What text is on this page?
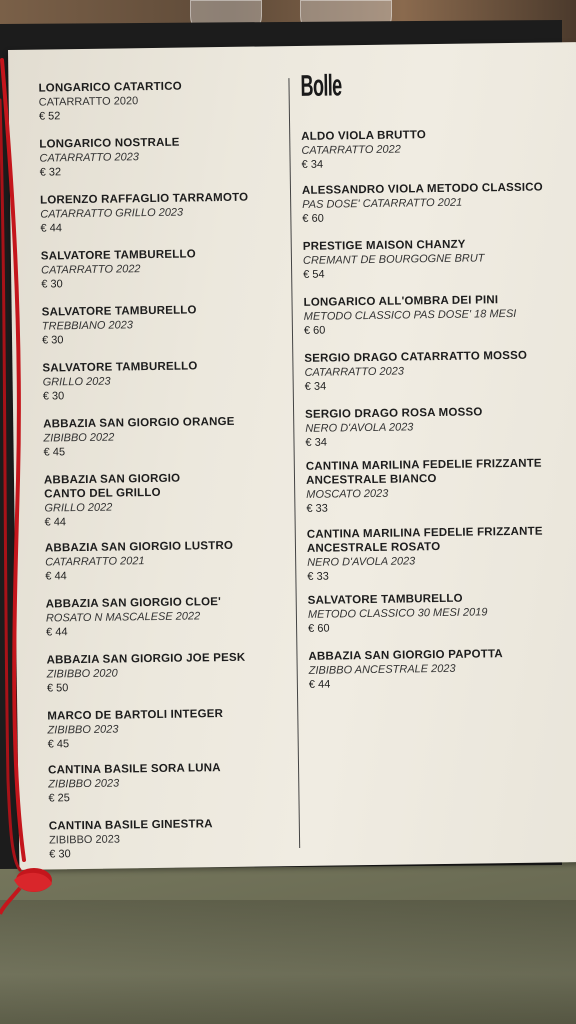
LONGARICO CATARTICO
CATARRATTO 2020
€ 52
LONGARICO NOSTRALE
CATARRATTO 2023
€ 32
LORENZO RAFFAGLIO TARRAMOTO
CATARRATTO GRILLO 2023
€ 44
SALVATORE TAMBURELLO
CATARRATTO 2022
€ 30
SALVATORE TAMBURELLO
TREBBIANO 2023
€ 30
SALVATORE TAMBURELLO
GRILLO 2023
€ 30
ABBAZIA SAN GIORGIO ORANGE
ZIBIBBO 2022
€ 45
ABBAZIA SAN GIORGIO
CANTO DEL GRILLO
GRILLO 2022
€ 44
ABBAZIA SAN GIORGIO LUSTRO
CATARRATTO 2021
€ 44
ABBAZIA SAN GIORGIO CLOE'
ROSATO N MASCALESE 2022
€ 44
ABBAZIA SAN GIORGIO JOE PESK
ZIBIBBO 2020
€ 50
MARCO DE BARTOLI INTEGER
ZIBIBBO 2023
€ 45
CANTINA BASILE SORA LUNA
ZIBIBBO 2023
€ 25
CANTINA BASILE GINESTRA
ZIBIBBO 2023
€ 30
Bolle
ALDO VIOLA BRUTTO
CATARRATTO 2022
€ 34
ALESSANDRO VIOLA METODO CLASSICO
PAS DOSE' CATARRATTO 2021
€ 60
PRESTIGE MAISON CHANZY
CREMANT DE BOURGOGNE BRUT
€ 54
LONGARICO ALL'OMBRA DEI PINI
METODO CLASSICO PAS DOSE' 18 MESI
€ 60
SERGIO DRAGO CATARRATTO MOSSO
CATARRATTO 2023
€ 34
SERGIO DRAGO ROSA MOSSO
NERO D'AVOLA 2023
€ 34
CANTINA MARILINA FEDELIE FRIZZANTE
ANCESTRALE BIANCO
MOSCATO 2023
€ 33
CANTINA MARILINA FEDELIE FRIZZANTE
ANCESTRALE ROSATO
NERO D'AVOLA 2023
€ 33
SALVATORE TAMBURELLO
METODO CLASSICO 30 MESI 2019
€ 60
ABBAZIA SAN GIORGIO PAPOTTA
ZIBIBBO ANCESTRALE 2023
€ 44
